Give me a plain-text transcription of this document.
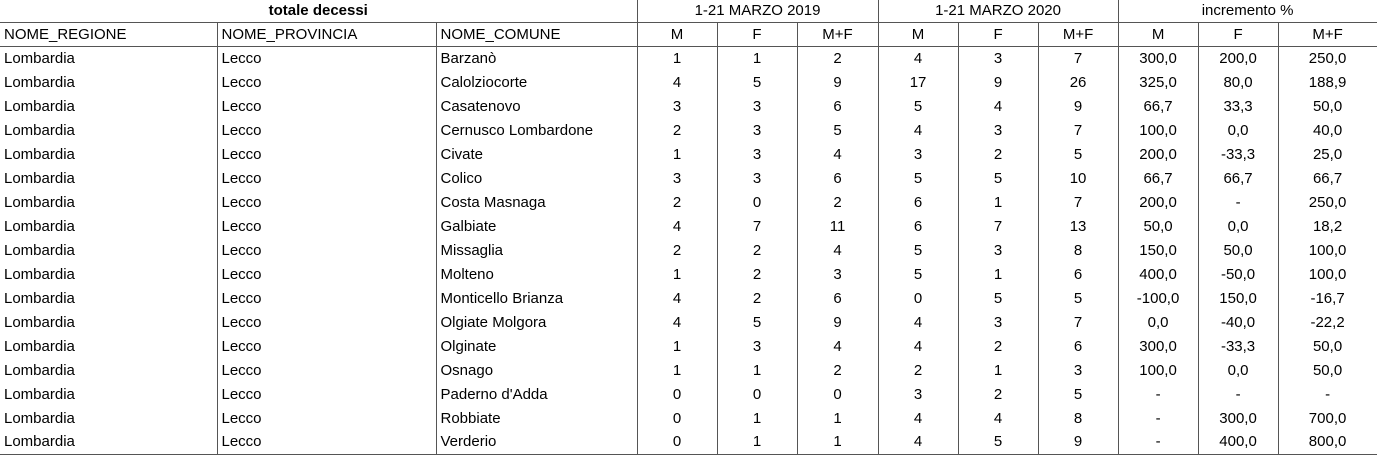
totale decessi			1-21 MARZO 2019			1-21 MARZO 2020			incremento %		
NOME_REGIONE	NOME_PROVINCIA	NOME_COMUNE	M	F	M+F	M	F	M+F	M	F	M+F
Lombardia	Lecco	Barzanò	1	1	2	4	3	7	300,0	200,0	250,0
Lombardia	Lecco	Calolziocorte	4	5	9	17	9	26	325,0	80,0	188,9
Lombardia	Lecco	Casatenovo	3	3	6	5	4	9	66,7	33,3	50,0
Lombardia	Lecco	Cernusco Lombardone	2	3	5	4	3	7	100,0	0,0	40,0
Lombardia	Lecco	Civate	1	3	4	3	2	5	200,0	-33,3	25,0
Lombardia	Lecco	Colico	3	3	6	5	5	10	66,7	66,7	66,7
Lombardia	Lecco	Costa Masnaga	2	0	2	6	1	7	200,0	-	250,0
Lombardia	Lecco	Galbiate	4	7	11	6	7	13	50,0	0,0	18,2
Lombardia	Lecco	Missaglia	2	2	4	5	3	8	150,0	50,0	100,0
Lombardia	Lecco	Molteno	1	2	3	5	1	6	400,0	-50,0	100,0
Lombardia	Lecco	Monticello Brianza	4	2	6	0	5	5	-100,0	150,0	-16,7
Lombardia	Lecco	Olgiate Molgora	4	5	9	4	3	7	0,0	-40,0	-22,2
Lombardia	Lecco	Olginate	1	3	4	4	2	6	300,0	-33,3	50,0
Lombardia	Lecco	Osnago	1	1	2	2	1	3	100,0	0,0	50,0
Lombardia	Lecco	Paderno d'Adda	0	0	0	3	2	5	-	-	-
Lombardia	Lecco	Robbiate	0	1	1	4	4	8	-	300,0	700,0
Lombardia	Lecco	Verderio	0	1	1	4	5	9	-	400,0	800,0
